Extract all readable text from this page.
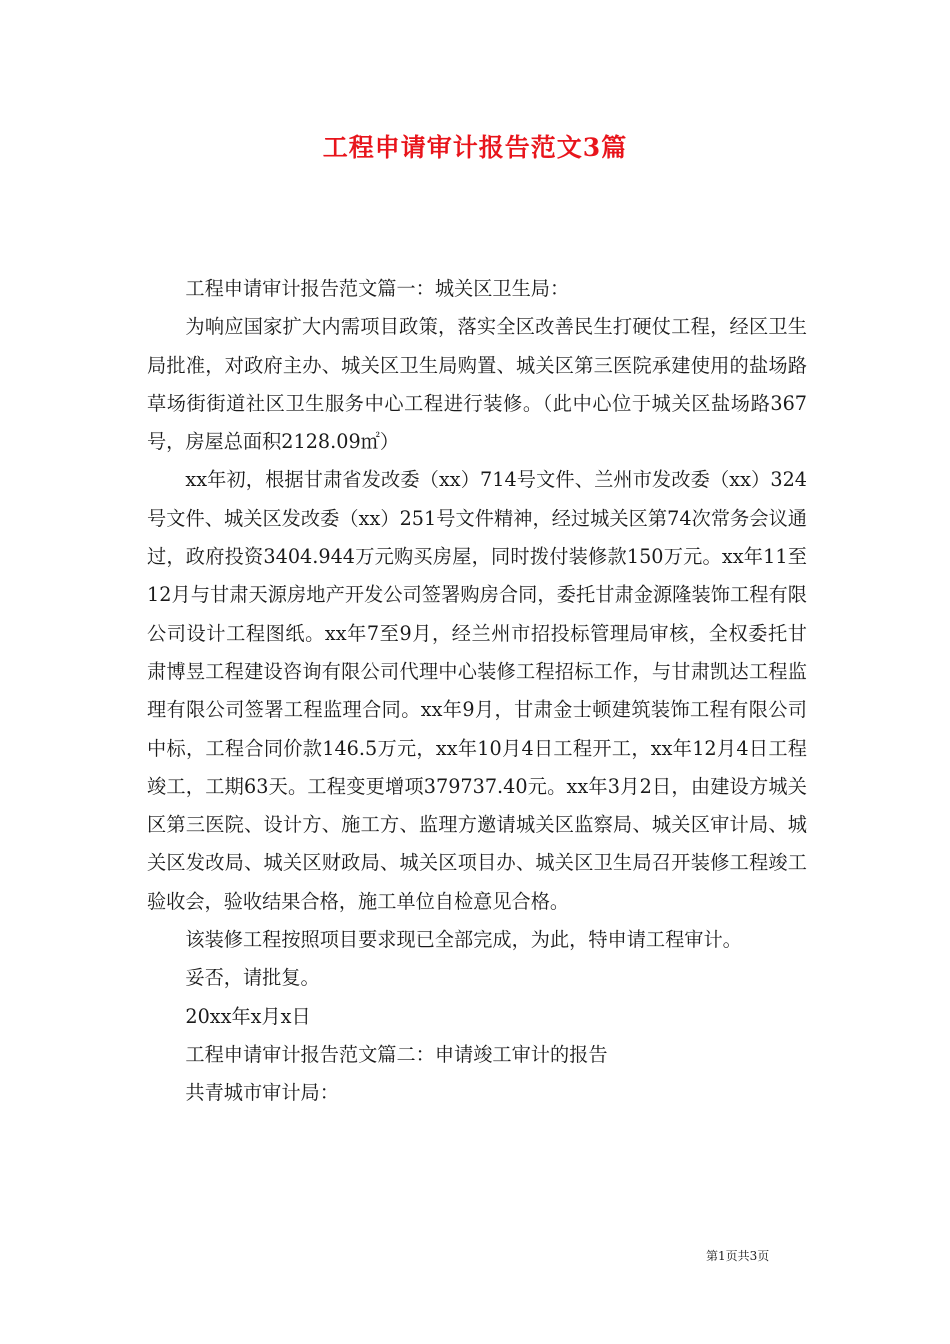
工程申请审计报告范文3篇

工程申请审计报告范文篇一：城关区卫生局：

为响应国家扩大内需项目政策，落实全区改善民生打硬仗工程，经区卫生局批准，对政府主办、城关区卫生局购置、城关区第三医院承建使用的盐场路草场街街道社区卫生服务中心工程进行装修。（此中心位于城关区盐场路367号，房屋总面积2128.09㎡）

xx年初，根据甘肃省发改委（xx）714号文件、兰州市发改委（xx）324号文件、城关区发改委（xx）251号文件精神，经过城关区第74次常务会议通过，政府投资3404.944万元购买房屋，同时拨付装修款150万元。xx年11至12月与甘肃天源房地产开发公司签署购房合同，委托甘肃金源隆装饰工程有限公司设计工程图纸。xx年7至9月，经兰州市招投标管理局审核，全权委托甘肃博昱工程建设咨询有限公司代理中心装修工程招标工作，与甘肃凯达工程监理有限公司签署工程监理合同。xx年9月，甘肃金士顿建筑装饰工程有限公司中标，工程合同价款146.5万元，xx年10月4日工程开工，xx年12月4日工程竣工，工期63天。工程变更增项379737.40元。xx年3月2日，由建设方城关区第三医院、设计方、施工方、监理方邀请城关区监察局、城关区审计局、城关区发改局、城关区财政局、城关区项目办、城关区卫生局召开装修工程竣工验收会，验收结果合格，施工单位自检意见合格。

该装修工程按照项目要求现已全部完成，为此，特申请工程审计。

妥否，请批复。

20xx年x月x日

工程申请审计报告范文篇二：申请竣工审计的报告

共青城市审计局：

第1页共3页
